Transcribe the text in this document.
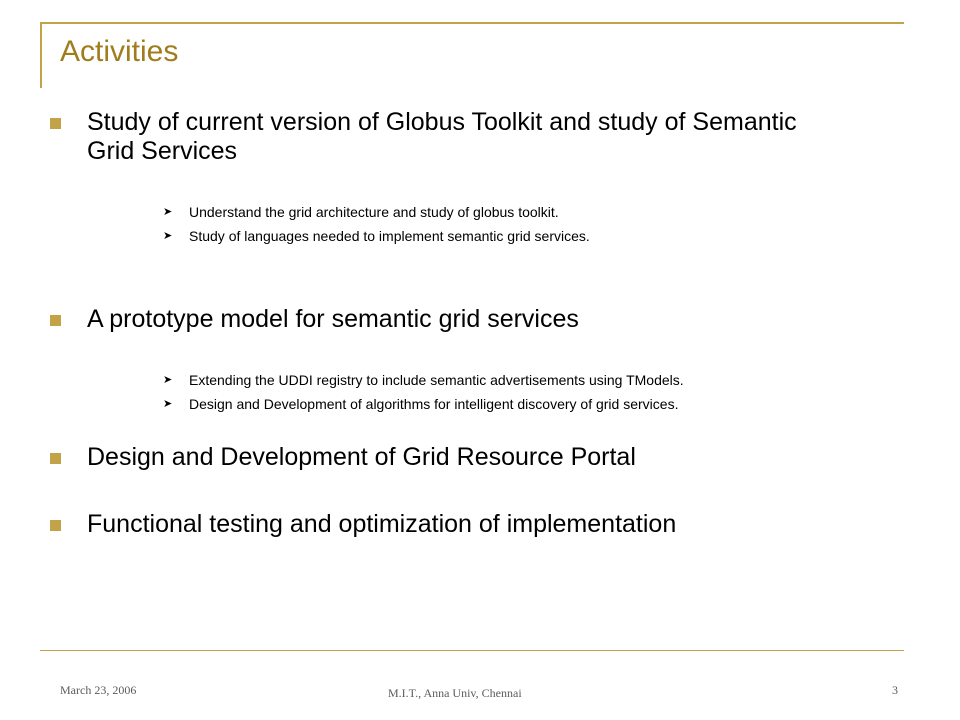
Activities
Study of current version of Globus Toolkit and study of Semantic Grid Services
➤ Understand the grid architecture and study of globus toolkit.
➤ Study of languages needed to implement semantic grid services.
A prototype model for semantic grid services
➤ Extending the UDDI registry to include semantic advertisements using TModels.
➤ Design and Development of algorithms for intelligent discovery of grid services.
Design and Development of Grid Resource Portal
Functional testing and optimization of implementation
March 23, 2006	M.I.T., Anna Univ, Chennai	3
